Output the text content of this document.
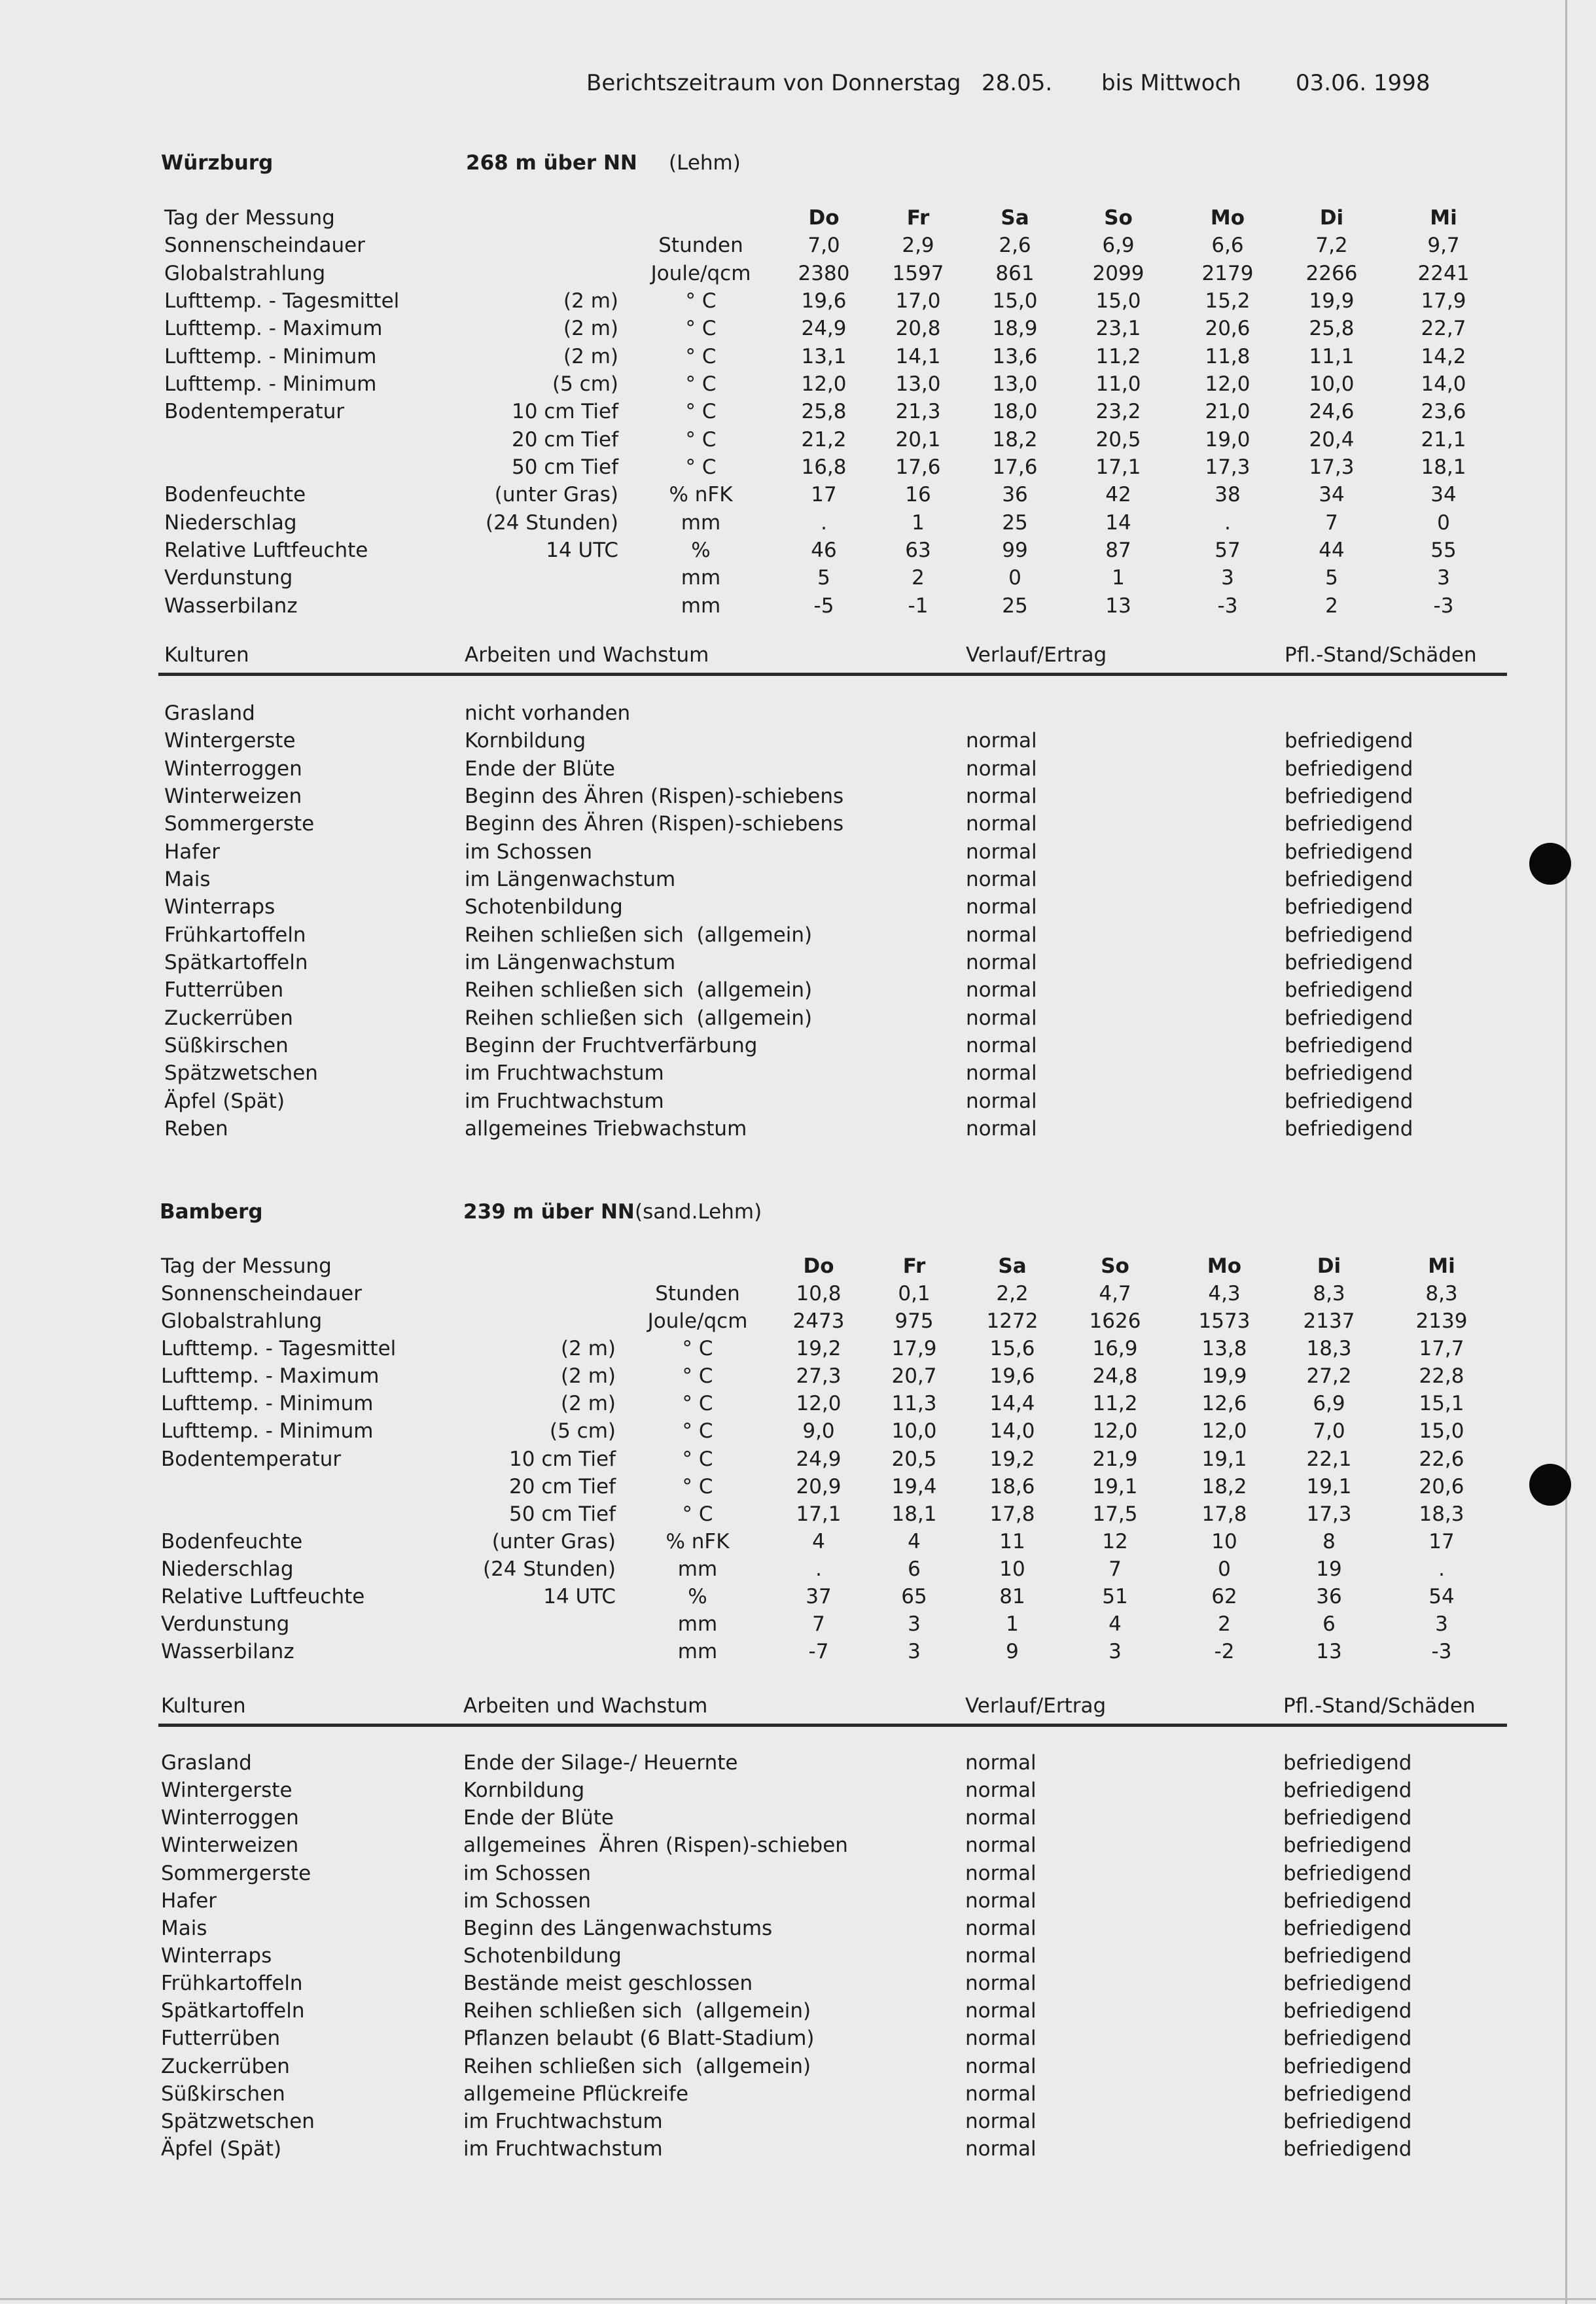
Berichtszeitraum von Donnerstag 28.05. bis Mittwoch 03.06. 1998
Würzburg	268 m über NN (Lehm)
Tag der Messung	Do	Fr	Sa	So	Mo	Di	Mi
Sonnenscheindauer	Stunden	7,0	2,9	2,6	6,9	6,6	7,2	9,7
Globalstrahlung	Joule/qcm	2380	1597	861	2099	2179	2266	2241
Lufttemp. - Tagesmittel	(2 m)	° C	19,6	17,0	15,0	15,0	15,2	19,9	17,9
Lufttemp. - Maximum	(2 m)	° C	24,9	20,8	18,9	23,1	20,6	25,8	22,7
Lufttemp. - Minimum	(2 m)	° C	13,1	14,1	13,6	11,2	11,8	11,1	14,2
Lufttemp. - Minimum	(5 cm)	° C	12,0	13,0	13,0	11,0	12,0	10,0	14,0
Bodentemperatur	10 cm Tief	° C	25,8	21,3	18,0	23,2	21,0	24,6	23,6
20 cm Tief	° C	21,2	20,1	18,2	20,5	19,0	20,4	21,1
50 cm Tief	° C	16,8	17,6	17,6	17,1	17,3	17,3	18,1
Bodenfeuchte	(unter Gras)	% nFK	17	16	36	42	38	34	34
Niederschlag	(24 Stunden)	mm	.	1	25	14	.	7	0
Relative Luftfeuchte	14 UTC	%	46	63	99	87	57	44	55
Verdunstung	mm	5	2	0	1	3	5	3
Wasserbilanz	mm	-5	-1	25	13	-3	2	-3
Kulturen	Arbeiten und Wachstum	Verlauf/Ertrag	Pfl.-Stand/Schäden
Grasland	nicht vorhanden
Wintergerste	Kornbildung	normal	befriedigend
Winterroggen	Ende der Blüte	normal	befriedigend
Winterweizen	Beginn des Ähren (Rispen)-schiebens	normal	befriedigend
Sommergerste	Beginn des Ähren (Rispen)-schiebens	normal	befriedigend
Hafer	im Schossen	normal	befriedigend
Mais	im Längenwachstum	normal	befriedigend
Winterraps	Schotenbildung	normal	befriedigend
Frühkartoffeln	Reihen schließen sich  (allgemein)	normal	befriedigend
Spätkartoffeln	im Längenwachstum	normal	befriedigend
Futterrüben	Reihen schließen sich  (allgemein)	normal	befriedigend
Zuckerrüben	Reihen schließen sich  (allgemein)	normal	befriedigend
Süßkirschen	Beginn der Fruchtverfärbung	normal	befriedigend
Spätzwetschen	im Fruchtwachstum	normal	befriedigend
Äpfel (Spät)	im Fruchtwachstum	normal	befriedigend
Reben	allgemeines Triebwachstum	normal	befriedigend
Bamberg	239 m über NN (sand.Lehm)
Tag der Messung	Do	Fr	Sa	So	Mo	Di	Mi
Sonnenscheindauer	Stunden	10,8	0,1	2,2	4,7	4,3	8,3	8,3
Globalstrahlung	Joule/qcm	2473	975	1272	1626	1573	2137	2139
Lufttemp. - Tagesmittel	(2 m)	° C	19,2	17,9	15,6	16,9	13,8	18,3	17,7
Lufttemp. - Maximum	(2 m)	° C	27,3	20,7	19,6	24,8	19,9	27,2	22,8
Lufttemp. - Minimum	(2 m)	° C	12,0	11,3	14,4	11,2	12,6	6,9	15,1
Lufttemp. - Minimum	(5 cm)	° C	9,0	10,0	14,0	12,0	12,0	7,0	15,0
Bodentemperatur	10 cm Tief	° C	24,9	20,5	19,2	21,9	19,1	22,1	22,6
20 cm Tief	° C	20,9	19,4	18,6	19,1	18,2	19,1	20,6
50 cm Tief	° C	17,1	18,1	17,8	17,5	17,8	17,3	18,3
Bodenfeuchte	(unter Gras)	% nFK	4	4	11	12	10	8	17
Niederschlag	(24 Stunden)	mm	.	6	10	7	0	19	.
Relative Luftfeuchte	14 UTC	%	37	65	81	51	62	36	54
Verdunstung	mm	7	3	1	4	2	6	3
Wasserbilanz	mm	-7	3	9	3	-2	13	-3
Kulturen	Arbeiten und Wachstum	Verlauf/Ertrag	Pfl.-Stand/Schäden
Grasland	Ende der Silage-/ Heuernte	normal	befriedigend
Wintergerste	Kornbildung	normal	befriedigend
Winterroggen	Ende der Blüte	normal	befriedigend
Winterweizen	allgemeines  Ähren (Rispen)-schieben	normal	befriedigend
Sommergerste	im Schossen	normal	befriedigend
Hafer	im Schossen	normal	befriedigend
Mais	Beginn des Längenwachstums	normal	befriedigend
Winterraps	Schotenbildung	normal	befriedigend
Frühkartoffeln	Bestände meist geschlossen	normal	befriedigend
Spätkartoffeln	Reihen schließen sich  (allgemein)	normal	befriedigend
Futterrüben	Pflanzen belaubt (6 Blatt-Stadium)	normal	befriedigend
Zuckerrüben	Reihen schließen sich  (allgemein)	normal	befriedigend
Süßkirschen	allgemeine Pflückreife	normal	befriedigend
Spätzwetschen	im Fruchtwachstum	normal	befriedigend
Äpfel (Spät)	im Fruchtwachstum	normal	befriedigend
